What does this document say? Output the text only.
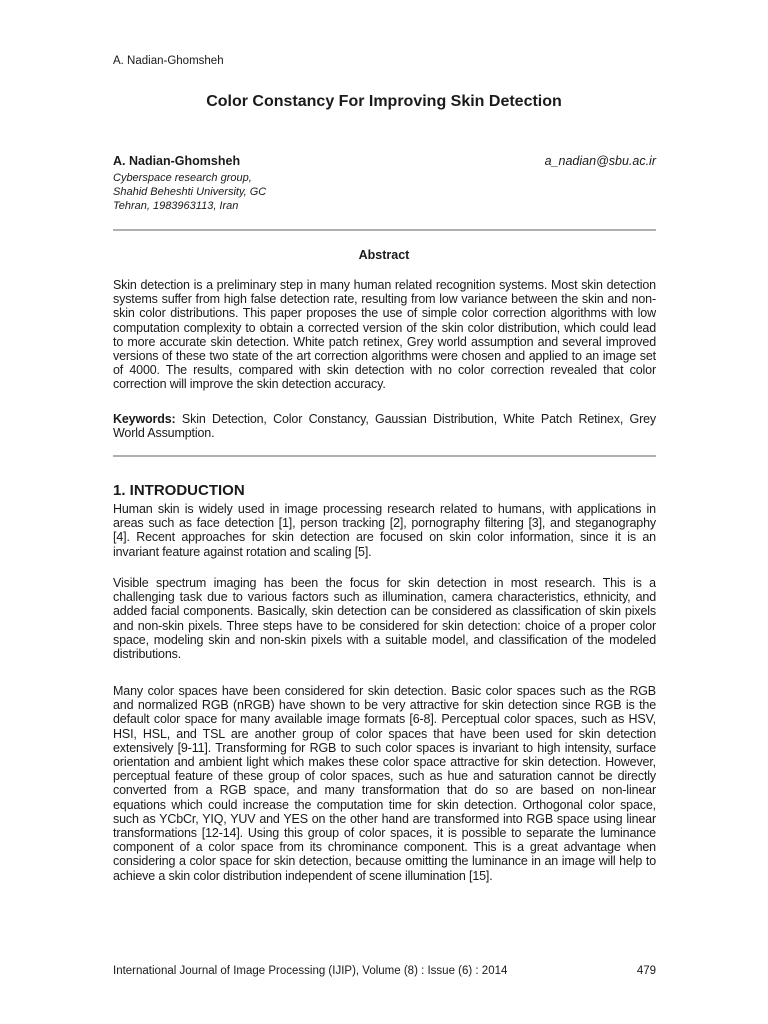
A. Nadian-Ghomsheh
Color Constancy For Improving Skin Detection
A. Nadian-Ghomsheh	a_nadian@sbu.ac.ir
Cyberspace research group,
Shahid Beheshti University, GC
Tehran, 1983963113, Iran
Abstract

Skin detection is a preliminary step in many human related recognition systems. Most skin detection systems suffer from high false detection rate, resulting from low variance between the skin and non-skin color distributions. This paper proposes the use of simple color correction algorithms with low computation complexity to obtain a corrected version of the skin color distribution, which could lead to more accurate skin detection. White patch retinex, Grey world assumption and several improved versions of these two state of the art correction algorithms were chosen and applied to an image set of 4000. The results, compared with skin detection with no color correction revealed that color correction will improve the skin detection accuracy.

Keywords: Skin Detection, Color Constancy, Gaussian Distribution, White Patch Retinex, Grey World Assumption.

1. INTRODUCTION

Human skin is widely used in image processing research related to humans, with applications in areas such as face detection [1], person tracking [2], pornography filtering [3], and steganography [4]. Recent approaches for skin detection are focused on skin color information, since it is an invariant feature against rotation and scaling [5].

Visible spectrum imaging has been the focus for skin detection in most research. This is a challenging task due to various factors such as illumination, camera characteristics, ethnicity, and added facial components. Basically, skin detection can be considered as classification of skin pixels and non-skin pixels. Three steps have to be considered for skin detection: choice of a proper color space, modeling skin and non-skin pixels with a suitable model, and classification of the modeled distributions.

Many color spaces have been considered for skin detection. Basic color spaces such as the RGB and normalized RGB (nRGB) have shown to be very attractive for skin detection since RGB is the default color space for many available image formats [6-8]. Perceptual color spaces, such as HSV, HSI, HSL, and TSL are another group of color spaces that have been used for skin detection extensively [9-11]. Transforming for RGB to such color spaces is invariant to high intensity, surface orientation and ambient light which makes these color space attractive for skin detection. However, perceptual feature of these group of color spaces, such as hue and saturation cannot be directly converted from a RGB space, and many transformation that do so are based on non-linear equations which could increase the computation time for skin detection. Orthogonal color space, such as YCbCr, YIQ, YUV and YES on the other hand are transformed into RGB space using linear transformations [12-14]. Using this group of color spaces, it is possible to separate the luminance component of a color space from its chrominance component. This is a great advantage when considering a color space for skin detection, because omitting the luminance in an image will help to achieve a skin color distribution independent of scene illumination [15].

International Journal of Image Processing (IJIP), Volume (8) : Issue (6) : 2014	479
